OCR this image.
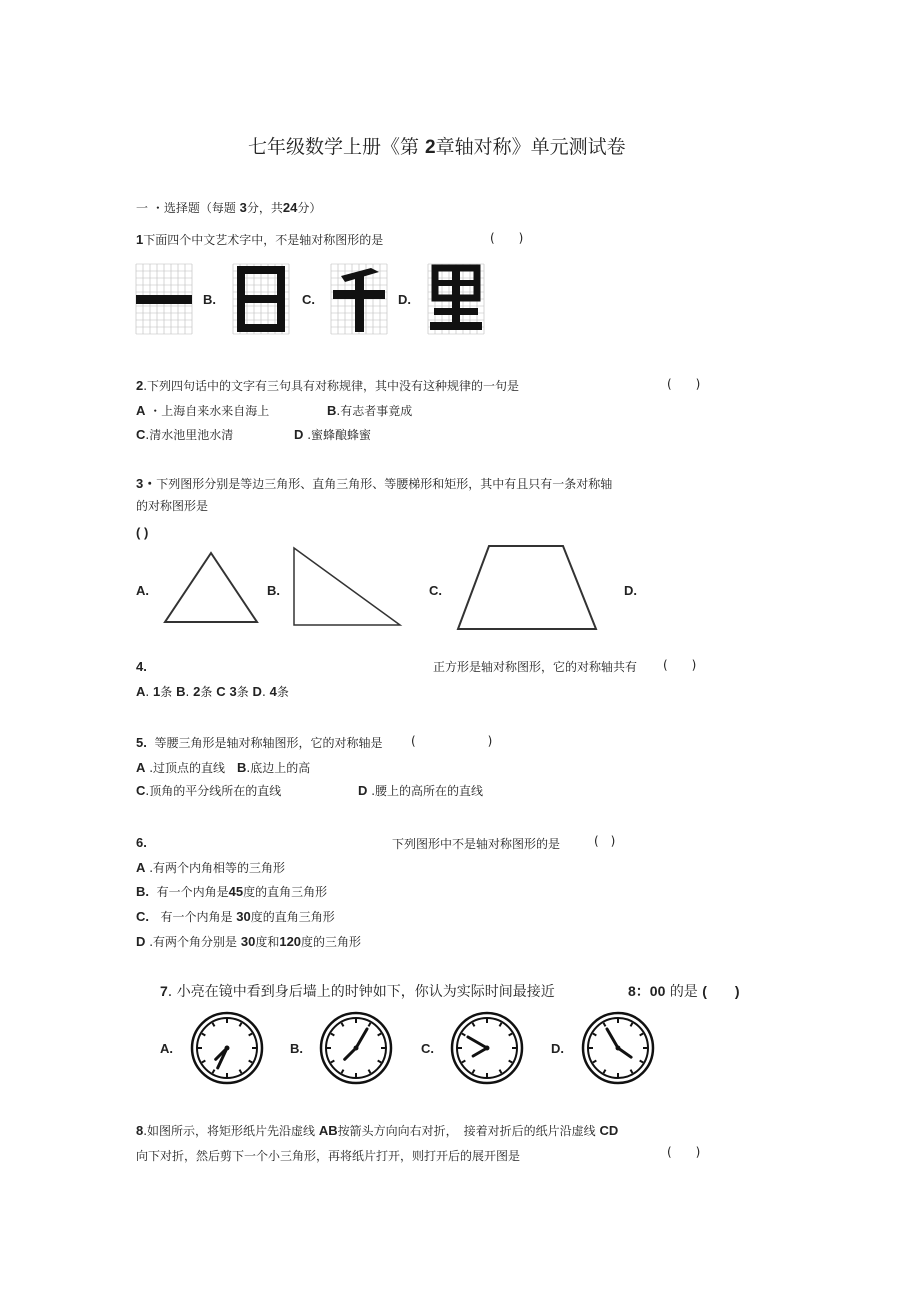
七年级数学上册《第 2章轴对称》单元测试卷
一 ・选择题（每题 3分，共24分）
1下面四个中文艺术字中，不是轴对称图形的是	(　　)
B.	C.	D.
2.下列四句话中的文字有三句具有对称规律，其中没有这种规律的一句是	(　　)
A ・上海自来水来自海上	B.有志者事竟成
C.清水池里池水清	D .蜜蜂酿蜂蜜
3・下列图形分别是等边三角形、直角三角形、等腰梯形和矩形，其中有且只有一条对称轴
的对称图形是
( )
A.	B.	C.	D.
4.	正方形是轴对称图形，它的对称轴共有 (　　)
A. 1条 B. 2条 C 3条 D. 4条
5. 等腰三角形是轴对称轴图形，它的对称轴是 (　　　　　　)
A .过顶点的直线 B.底边上的高
C.顶角的平分线所在的直线	D .腰上的高所在的直线
6.	下列图形中不是轴对称图形的是	(　)
A .有两个内角相等的三角形
B. 有一个内角是45度的直角三角形
C. 有一个内角是 30度的直角三角形
D .有两个角分别是 30度和120度的三角形
7. 小亮在镜中看到身后墙上的时钟如下，你认为实际时间最接近	8：00 的是 (　　)
A.	B.	C.	D.
8.如图所示，将矩形纸片先沿虚线 AB按箭头方向向右对折，　接着对折后的纸片沿虚线 CD
向下对折，然后剪下一个小三角形，再将纸片打开，则打开后的展开图是	(　　)
